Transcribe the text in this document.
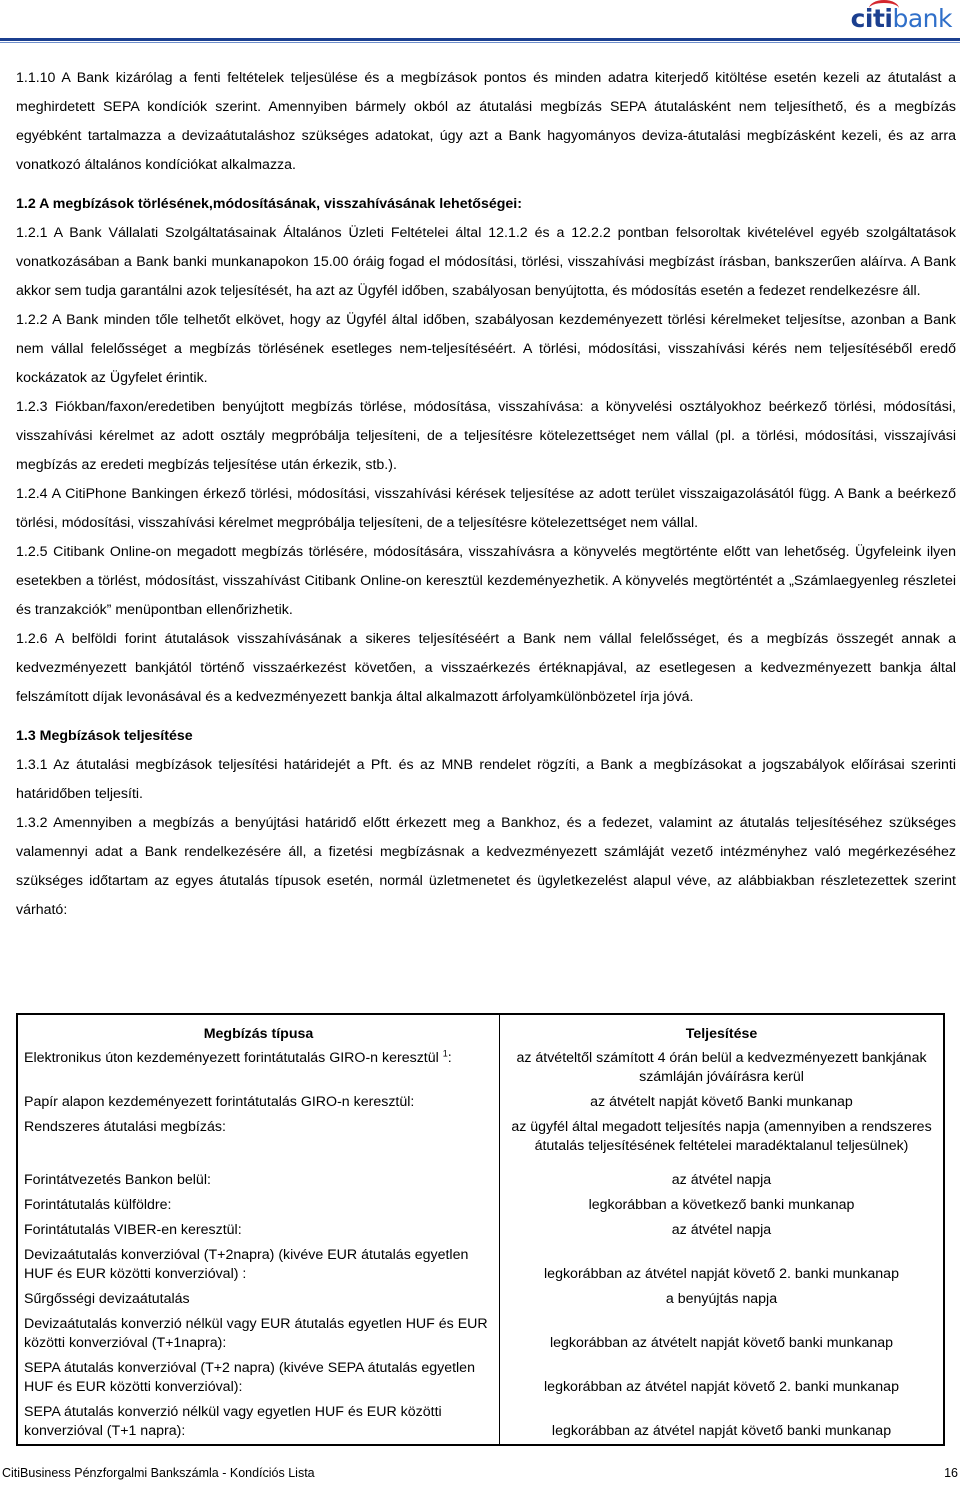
citibank

1.1.10 A Bank kizárólag a fenti feltételek teljesülése és a megbízások pontos és minden adatra kiterjedő kitöltése esetén kezeli az átutalást a meghirdetett SEPA kondíciók szerint. Amennyiben bármely okból az átutalási megbízás SEPA átutalásként nem teljesíthető, és a megbízás egyébként tartalmazza a devizaátutaláshoz szükséges adatokat, úgy azt a Bank hagyományos deviza-átutalási megbízásként kezeli, és az arra vonatkozó általános kondíciókat alkalmazza.

1.2 A megbízások törlésének,módosításának, visszahívásának lehetőségei:

1.2.1 A Bank Vállalati Szolgáltatásainak Általános Üzleti Feltételei által 12.1.2 és a 12.2.2 pontban felsoroltak kivételével egyéb szolgáltatások vonatkozásában a Bank banki munkanapokon 15.00 óráig fogad el módosítási, törlési, visszahívási megbízást írásban, bankszerűen aláírva. A Bank akkor sem tudja garantálni azok teljesítését, ha azt az Ügyfél időben, szabályosan benyújtotta, és módosítás esetén a fedezet rendelkezésre áll.

1.2.2 A Bank minden tőle telhetőt elkövet, hogy az Ügyfél által időben, szabályosan kezdeményezett törlési kérelmeket teljesítse, azonban a Bank nem vállal felelősséget a megbízás törlésének esetleges nem-teljesítéséért. A törlési, módosítási, visszahívási kérés nem teljesítéséből eredő kockázatok az Ügyfelet érintik.

1.2.3 Fiókban/faxon/eredetiben benyújtott megbízás törlése, módosítása, visszahívása: a könyvelési osztályokhoz beérkező törlési, módosítási, visszahívási kérelmet az adott osztály megpróbálja teljesíteni, de a teljesítésre kötelezettséget nem vállal (pl. a törlési, módosítási, visszajívási megbízás az eredeti megbízás teljesítése után érkezik, stb.).

1.2.4 A CitiPhone Bankingen érkező törlési, módosítási, visszahívási kérések teljesítése az adott terület visszaigazolásától függ. A Bank a beérkező törlési, módosítási, visszahívási kérelmet megpróbálja teljesíteni, de a teljesítésre kötelezettséget nem vállal.

1.2.5 Citibank Online-on megadott megbízás törlésére, módosítására, visszahívásra a könyvelés megtörténte előtt van lehetőség. Ügyfeleink ilyen esetekben a törlést, módosítást, visszahívást Citibank Online-on keresztül kezdeményezhetik. A könyvelés megtörténtét a „Számlaegyenleg részletei és tranzakciók” menüpontban ellenőrizhetik.

1.2.6 A belföldi forint átutalások visszahívásának a sikeres teljesítéséért a Bank nem vállal felelősséget, és a megbízás összegét annak a kedvezményezett bankjától történő visszaérkezést követően, a visszaérkezés értéknapjával, az esetlegesen a kedvezményezett bankja által felszámított díjak levonásával és a kedvezményezett bankja által alkalmazott árfolyamkülönbözetel írja jóvá.

1.3 Megbízások teljesítése

1.3.1 Az átutalási megbízások teljesítési határidejét a Pft. és az MNB rendelet rögzíti, a Bank a megbízásokat a jogszabályok előírásai szerinti határidőben teljesíti.

1.3.2 Amennyiben a megbízás a benyújtási határidő előtt érkezett meg a Bankhoz, és a fedezet, valamint az átutalás teljesítéséhez szükséges valamennyi adat a Bank rendelkezésére áll, a fizetési megbízásnak a kedvezményezett számláját vezető intézményhez való megérkezéséhez szükséges időtartam az egyes átutalás típusok esetén, normál üzletmenetet és ügyletkezelést alapul véve, az alábbiakban részletezettek szerint várható:

Megbízás típusa	Teljesítése
Elektronikus úton kezdeményezett forintátutalás GIRO-n keresztül $^1$:	az átvételtől számított 4 órán belül a kedvezményezett bankjának számláján jóváírásra kerül
Papír alapon kezdeményezett forintátutalás GIRO-n keresztül:	az átvételt napját követő Banki munkanap
Rendszeres átutalási megbízás:	az ügyfél által megadott teljesítés napja (amennyiben a rendszeres átutalás teljesítésének feltételei maradéktalanul teljesülnek)
Forintátvezetés Bankon belül:	az átvétel napja
Forintátutalás külföldre:	legkorábban a következő banki munkanap
Forintátutalás VIBER-en keresztül:	az átvétel napja
Devizaátutalás konverzióval (T+2napra) (kivéve EUR átutalás egyetlen HUF és EUR közötti konverzióval) :	legkorábban az átvétel napját követő 2. banki munkanap
Sűrgősségi devizaátutalás	a benyújtás napja
Devizaátutalás konverzió nélkül vagy EUR átutalás egyetlen HUF és EUR közötti konverzióval (T+1napra):	legkorábban az átvételt napját követő banki munkanap
SEPA átutalás konverzióval (T+2 napra) (kivéve SEPA átutalás egyetlen HUF és EUR közötti konverzióval):	legkorábban az átvétel napját követő 2. banki munkanap
SEPA átutalás konverzió nélkül vagy egyetlen HUF és EUR közötti konverzióval (T+1 napra):	legkorábban az átvétel napját követő banki munkanap
CitiBusiness Pénzforgalmi Bankszámla - Kondíciós Lista	16
